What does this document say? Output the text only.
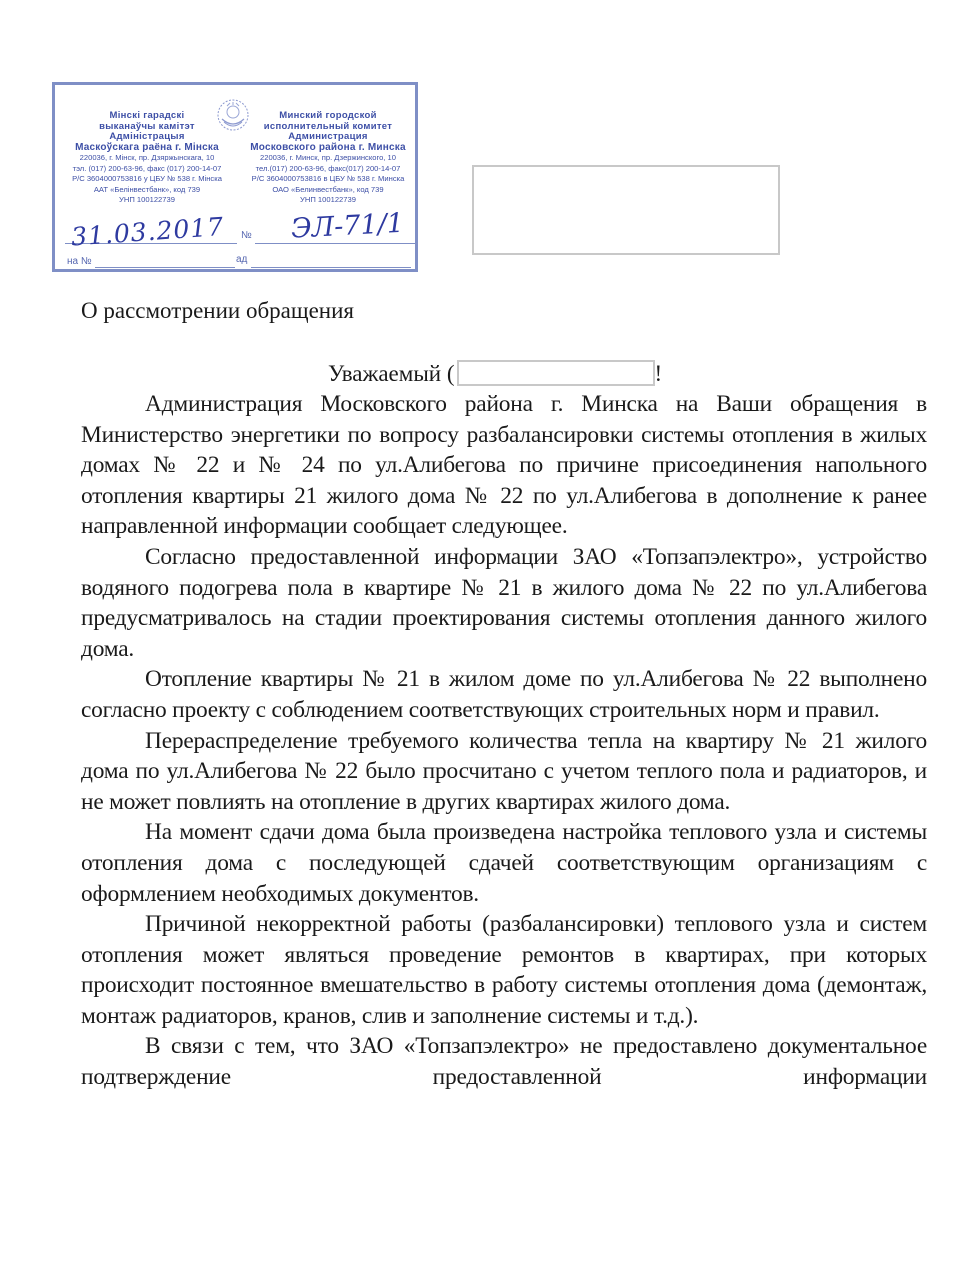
Мінскі гарадскі
выканаўчы камітэт
Адміністрацыя
Маскоўскага раёна г. Мінска
220036, г. Мінск, пр. Дзяржынскага, 10
тэл. (017) 200-63-96, факс (017) 200-14-07
Р/С 3604000753816 у ЦБУ № 538 г. Мінска
ААТ «Белінвестбанк», код 739
УНП 100122739
Минский городской
исполнительный комитет
Администрация
Московского района г. Минска
220036, г. Минск, пр. Дзержинского, 10
тел.(017) 200-63-96, факс(017) 200-14-07
Р/С 3604000753816 в ЦБУ № 538 г. Минска
ОАО «Белинвестбанк», код 739
УНП 100122739
31.03.2017	№ ЭЛ-71/1
на №	ад
О рассмотрении обращения
Уважаемый (	!

Администрация Московского района г. Минска на Ваши обращения в Министерство энергетики по вопросу разбалансировки системы отопления в жилых домах № 22 и № 24 по ул.Алибегова по причине присоединения напольного отопления квартиры 21 жилого дома № 22 по ул.Алибегова в дополнение к ранее направленной информации сообщает следующее.

Согласно предоставленной информации ЗАО «Топзапэлектро», устройство водяного подогрева пола в квартире № 21 в жилого дома № 22 по ул.Алибегова предусматривалось на стадии проектирования системы отопления данного жилого дома.

Отопление квартиры № 21 в жилом доме по ул.Алибегова № 22 выполнено согласно проекту с соблюдением соответствующих строительных норм и правил.

Перераспределение требуемого количества тепла на квартиру № 21 жилого дома по ул.Алибегова № 22 было просчитано с учетом теплого пола и радиаторов, и не может повлиять на отопление в других квартирах жилого дома.

На момент сдачи дома была произведена настройка теплового узла и системы отопления дома с последующей сдачей соответствующим организациям с оформлением необходимых документов.

Причиной некорректной работы (разбалансировки) теплового узла и систем отопления может являться проведение ремонтов в квартирах, при которых происходит постоянное вмешательство в работу системы отопления дома (демонтаж, монтаж радиаторов, кранов, слив и заполнение системы и т.д.).

В связи с тем, что ЗАО «Топзапэлектро» не предоставлено документальное подтверждение предоставленной информации
